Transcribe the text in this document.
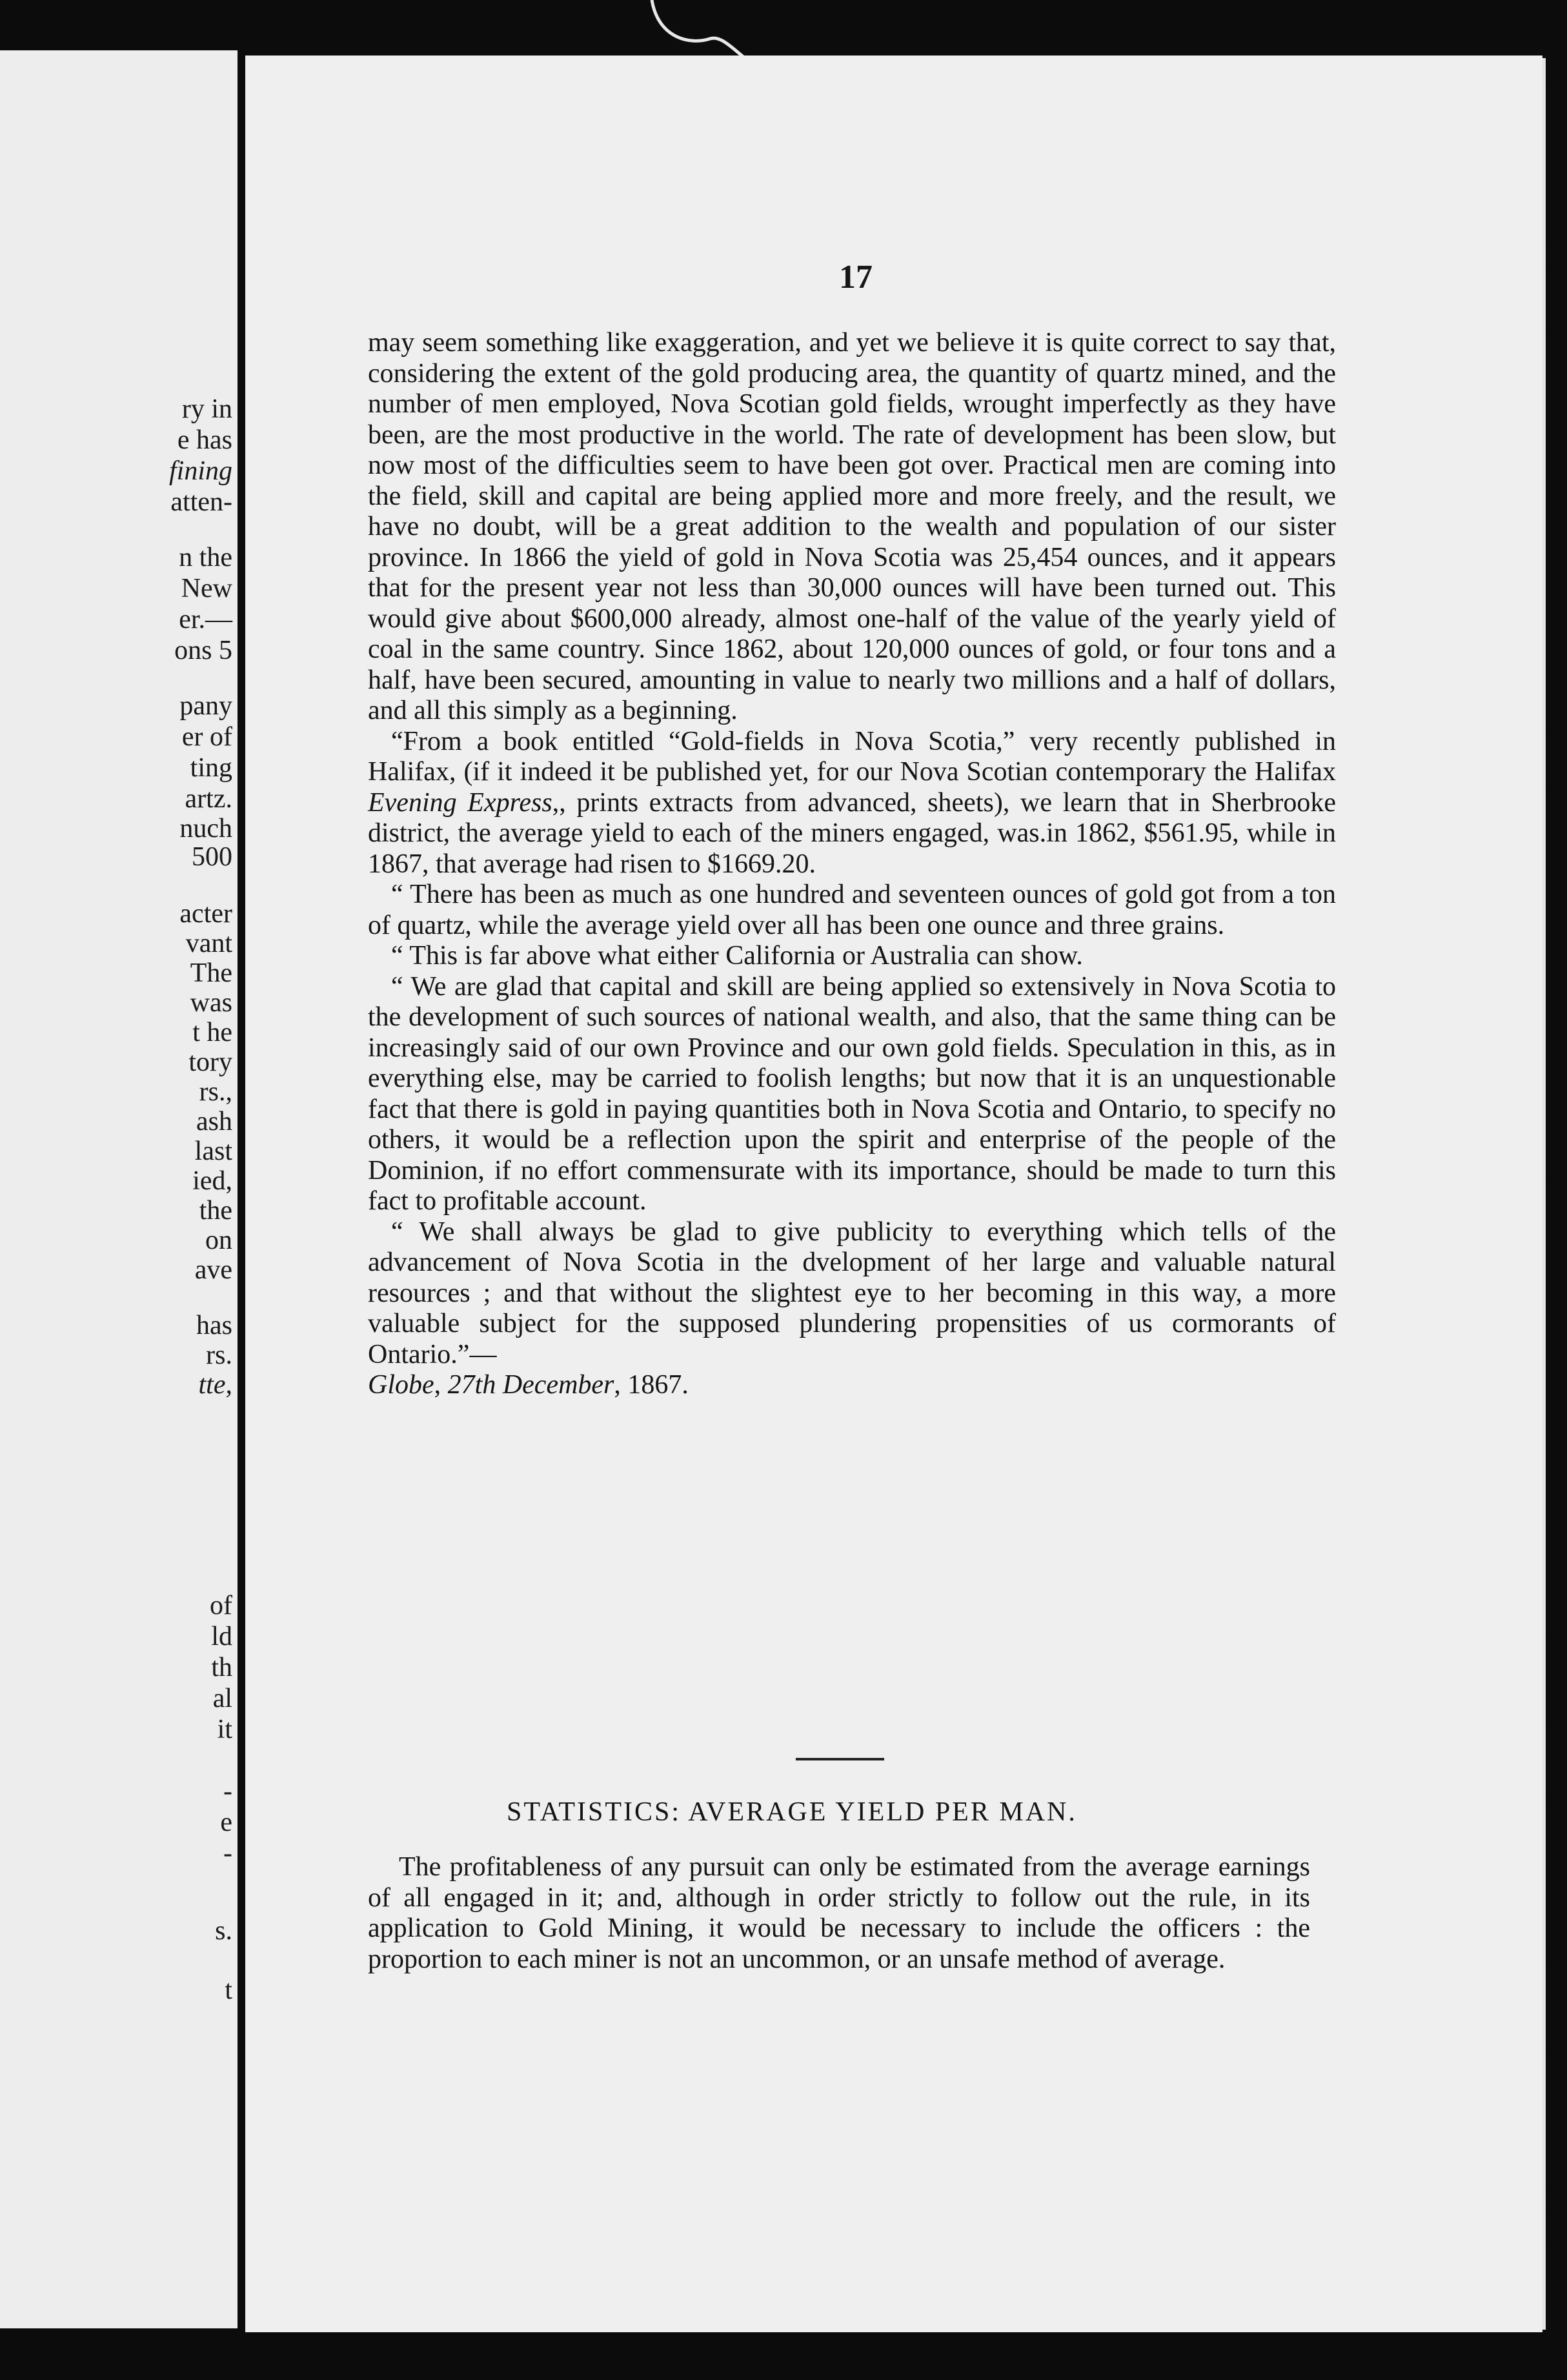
ry in
e has
fining
atten-
n the
New
er.—
ons 5
pany
er of
ting
artz.
nuch
500
acter
vant
The
was
t he
tory
rs.,
ash
last
ied,
the
on
ave
has
rs.
tte,
of
ld
th
al
it
-
e
-
s.
t
17

may seem something like exaggeration, and yet we believe it is quite correct to say that, considering the extent of the gold producing area, the quantity of quartz mined, and the number of men employed, Nova Scotian gold fields, wrought imperfectly as they have been, are the most productive in the world. The rate of development has been slow, but now most of the difficulties seem to have been got over. Practical men are coming into the field, skill and capital are being applied more and more freely, and the result, we have no doubt, will be a great addition to the wealth and population of our sister province. In 1866 the yield of gold in Nova Scotia was 25,454 ounces, and it appears that for the present year not less than 30,000 ounces will have been turned out. This would give about $600,000 already, almost one-half of the value of the yearly yield of coal in the same country. Since 1862, about 120,000 ounces of gold, or four tons and a half, have been secured, amounting in value to nearly two millions and a half of dollars, and all this simply as a beginning.

“From a book entitled “Gold-fields in Nova Scotia,” very recently published in Halifax, (if it indeed it be published yet, for our Nova Scotian contemporary the Halifax Evening Express,, prints extracts from advanced, sheets), we learn that in Sherbrooke district, the average yield to each of the miners engaged, was.in 1862, $561.95, while in 1867, that average had risen to $1669.20.

“ There has been as much as one hundred and seventeen ounces of gold got from a ton of quartz, while the average yield over all has been one ounce and three grains.

“ This is far above what either California or Australia can show.

“ We are glad that capital and skill are being applied so extensively in Nova Scotia to the development of such sources of national wealth, and also, that the same thing can be increasingly said of our own Province and our own gold fields. Speculation in this, as in everything else, may be carried to foolish lengths; but now that it is an unquestionable fact that there is gold in paying quantities both in Nova Scotia and Ontario, to specify no others, it would be a reflection upon the spirit and enterprise of the people of the Dominion, if no effort commensurate with its importance, should be made to turn this fact to profitable account.

“ We shall always be glad to give publicity to everything which tells of the advancement of Nova Scotia in the dvelopment of her large and valuable natural resources ; and that without the slightest eye to her becoming in this way, a more valuable subject for the supposed plundering propensities of us cormorants of Ontario.”—

Globe, 27th December, 1867.

STATISTICS: AVERAGE YIELD PER MAN.

The profitableness of any pursuit can only be estimated from the average earnings of all engaged in it; and, although in order strictly to follow out the rule, in its application to Gold Mining, it would be necessary to include the officers : the proportion to each miner is not an uncommon, or an unsafe method of average.
